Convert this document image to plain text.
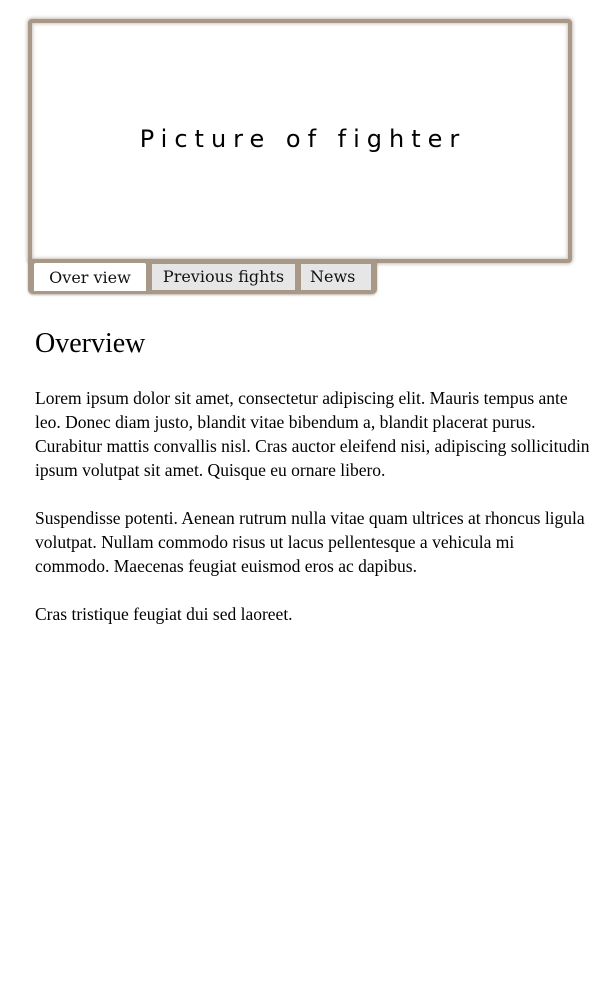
Picture of fighter
Over view	Previous fights	News
Overview

Lorem ipsum dolor sit amet, consectetur adipiscing elit. Mauris tempus ante leo. Donec diam justo, blandit vitae bibendum a, blandit placerat purus. Curabitur mattis convallis nisl. Cras auctor eleifend nisi, adipiscing sollicitudin ipsum volutpat sit amet. Quisque eu ornare libero.

Suspendisse potenti. Aenean rutrum nulla vitae quam ultrices at rhoncus ligula volutpat. Nullam commodo risus ut lacus pellentesque a vehicula mi commodo. Maecenas feugiat euismod eros ac dapibus.

Cras tristique feugiat dui sed laoreet.
